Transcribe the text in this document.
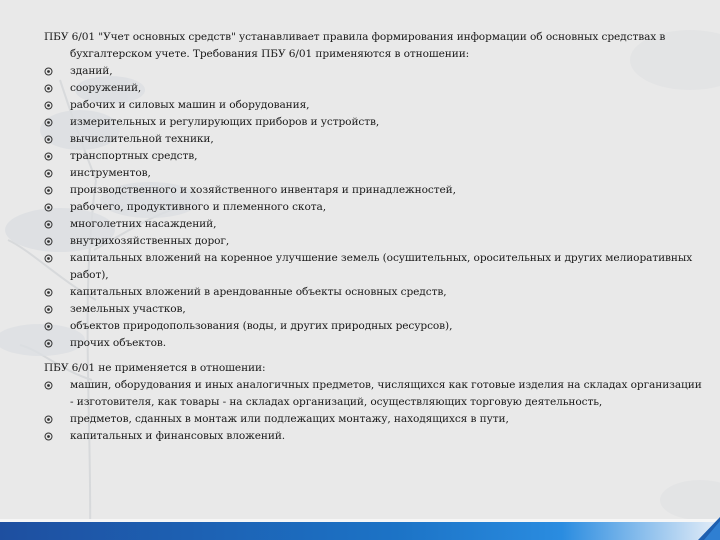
ПБУ 6/01 "Учет основных средств" устанавливает правила формирования информации об основных средствах в бухгалтерском учете. Требования ПБУ 6/01 применяются в отношении:

зданий,
сооружений,
рабочих и силовых машин и оборудования,
измерительных и регулирующих приборов и устройств,
вычислительной техники,
транспортных средств,
инструментов,
производственного и хозяйственного инвентаря и принадлежностей,
рабочего, продуктивного и племенного скота,
многолетних насаждений,
внутрихозяйственных дорог,
капитальных вложений на коренное улучшение земель (осушительных, оросительных и других мелиоративных работ),
капитальных вложений в арендованные объекты основных средств,
земельных участков,
объектов природопользования (воды, и других природных ресурсов),
прочих объектов.

ПБУ 6/01 не применяется в отношении:

машин, оборудования и иных аналогичных предметов, числящихся как готовые изделия на складах организации - изготовителя, как товары - на складах организаций, осуществляющих торговую деятельность,
предметов, сданных в монтаж или подлежащих монтажу, находящихся в пути,
капитальных и финансовых вложений.
